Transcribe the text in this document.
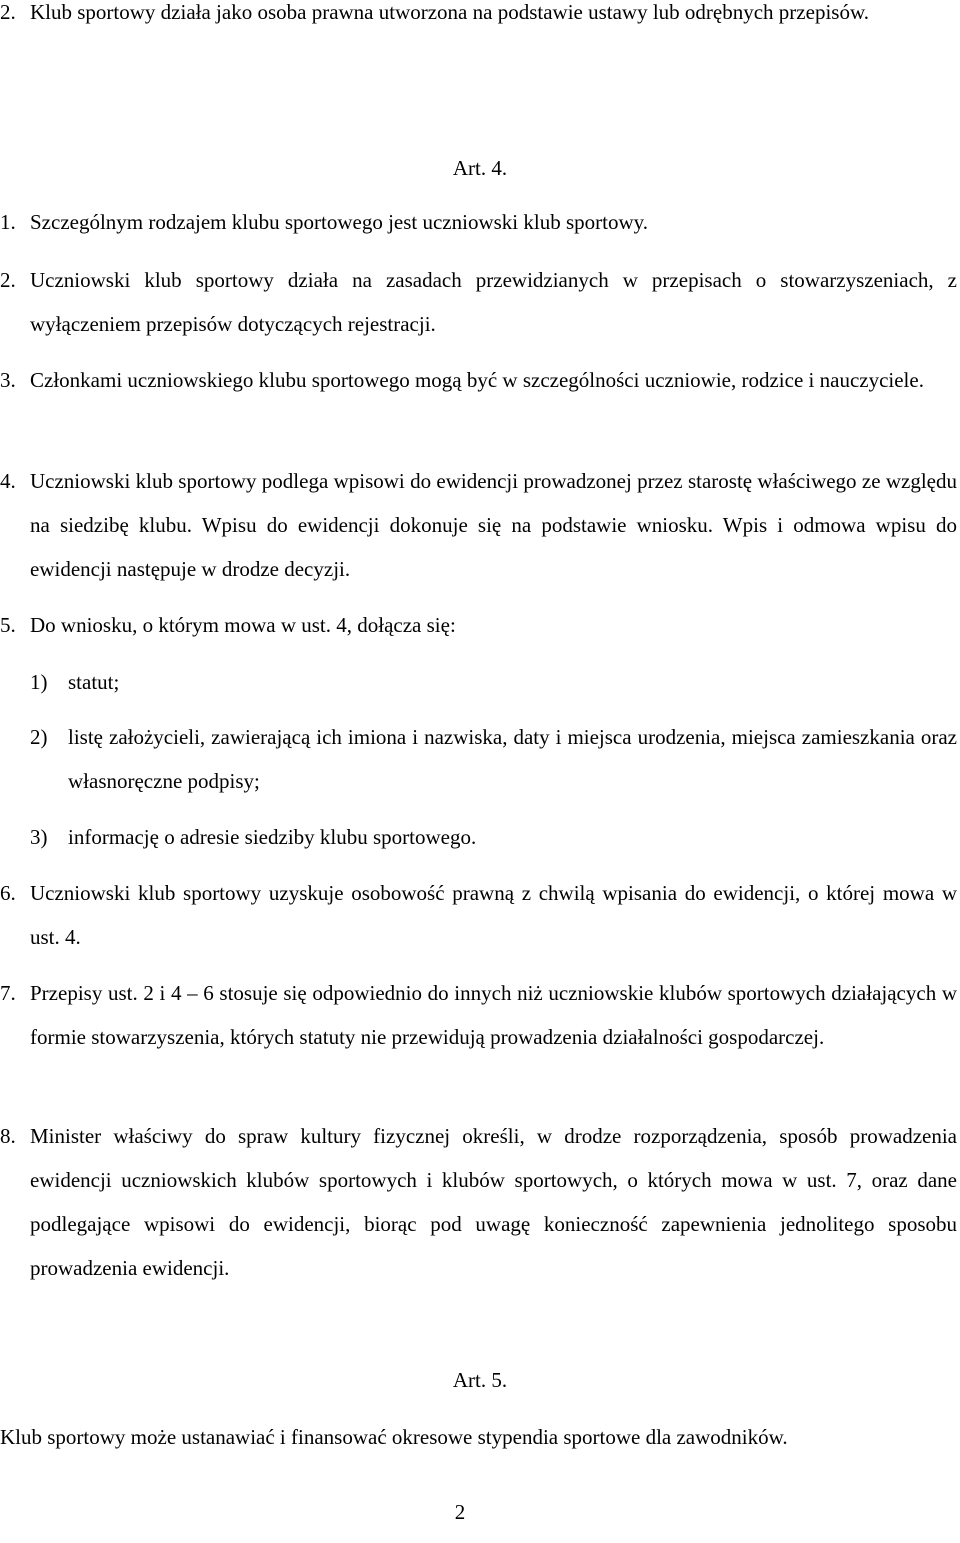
2. Klub sportowy działa jako osoba prawna utworzona na podstawie ustawy lub odrębnych przepisów.
Art. 4.
1. Szczególnym rodzajem klubu sportowego jest uczniowski klub sportowy.
2. Uczniowski klub sportowy działa na zasadach przewidzianych w przepisach o stowarzyszeniach, z wyłączeniem przepisów dotyczących rejestracji.
3. Członkami uczniowskiego klubu sportowego mogą być w szczególności uczniowie, rodzice i nauczyciele.
4. Uczniowski klub sportowy podlega wpisowi do ewidencji prowadzonej przez starostę właściwego ze względu na siedzibę klubu. Wpisu do ewidencji dokonuje się na podstawie wniosku. Wpis i odmowa wpisu do ewidencji następuje w drodze decyzji.
5. Do wniosku, o którym mowa w ust. 4, dołącza się:
1) statut;
2) listę założycieli, zawierającą ich imiona i nazwiska, daty i miejsca urodzenia, miejsca zamieszkania oraz własnoręczne podpisy;
3) informację o adresie siedziby klubu sportowego.
6. Uczniowski klub sportowy uzyskuje osobowość prawną z chwilą wpisania do ewidencji, o której mowa w ust. 4.
7. Przepisy ust. 2 i 4 – 6 stosuje się odpowiednio do innych niż uczniowskie klubów sportowych działających w formie stowarzyszenia, których statuty nie przewidują prowadzenia działalności gospodarczej.
8. Minister właściwy do spraw kultury fizycznej określi, w drodze rozporządzenia, sposób prowadzenia ewidencji uczniowskich klubów sportowych i klubów sportowych, o których mowa w ust. 7, oraz dane podlegające wpisowi do ewidencji, biorąc pod uwagę konieczność zapewnienia jednolitego sposobu prowadzenia ewidencji.
Art. 5.
Klub sportowy może ustanawiać i finansować okresowe stypendia sportowe dla zawodników.
2
